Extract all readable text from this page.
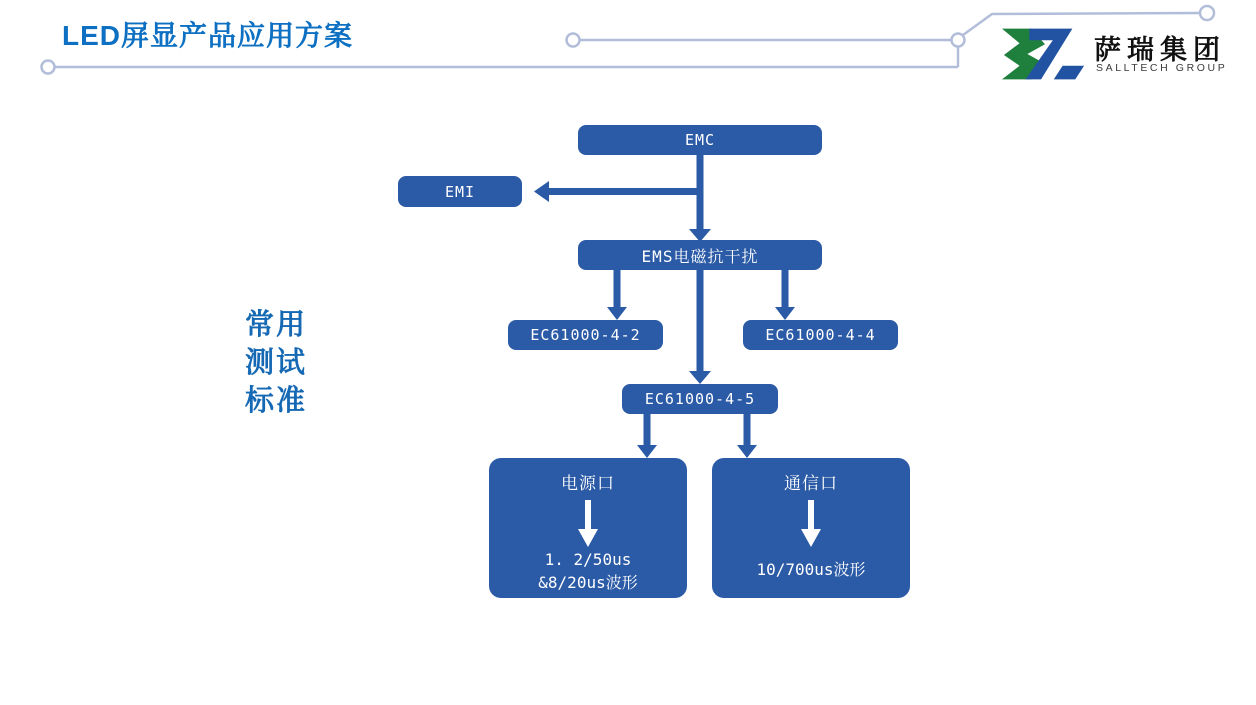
LED屏显产品应用方案	萨瑞集团
SALLTECH GROUP
常用
测试
标准
EMC
EMI
EMS电磁抗干扰
EC61000-4-2	EC61000-4-4
EC61000-4-5
电源口
1. 2/50us
&8/20us波形
通信口
10/700us波形
